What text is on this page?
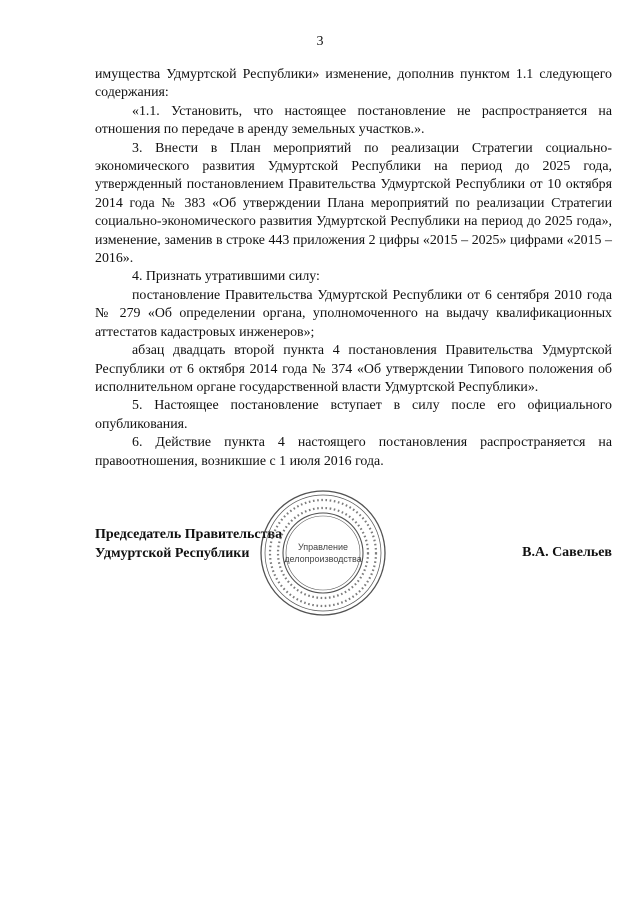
3

имущества Удмуртской Республики» изменение, дополнив пунктом 1.1 следующего содержания:

«1.1. Установить, что настоящее постановление не распространяется на отношения по передаче в аренду земельных участков.».

3. Внести в План мероприятий по реализации Стратегии социально-экономического развития Удмуртской Республики на период до 2025 года, утвержденный постановлением Правительства Удмуртской Республики от 10 октября 2014 года № 383 «Об утверждении Плана мероприятий по реализации Стратегии социально-экономического развития Удмуртской Республики на период до 2025 года», изменение, заменив в строке 443 приложения 2 цифры «2015 – 2025» цифрами «2015 – 2016».

4. Признать утратившими силу:

постановление Правительства Удмуртской Республики от 6 сентября 2010 года № 279 «Об определении органа, уполномоченного на выдачу квалификационных аттестатов кадастровых инженеров»;

абзац двадцать второй пункта 4 постановления Правительства Удмуртской Республики от 6 октября 2014 года № 374 «Об утверждении Типового положения об исполнительном органе государственной власти Удмуртской Республики».

5. Настоящее постановление вступает в силу после его официального опубликования.

6. Действие пункта 4 настоящего постановления распространяется на правоотношения, возникшие с 1 июля 2016 года.

Председатель Правительства
Удмуртской Республики	В.А. Савельев
Управление
делопроизводства
